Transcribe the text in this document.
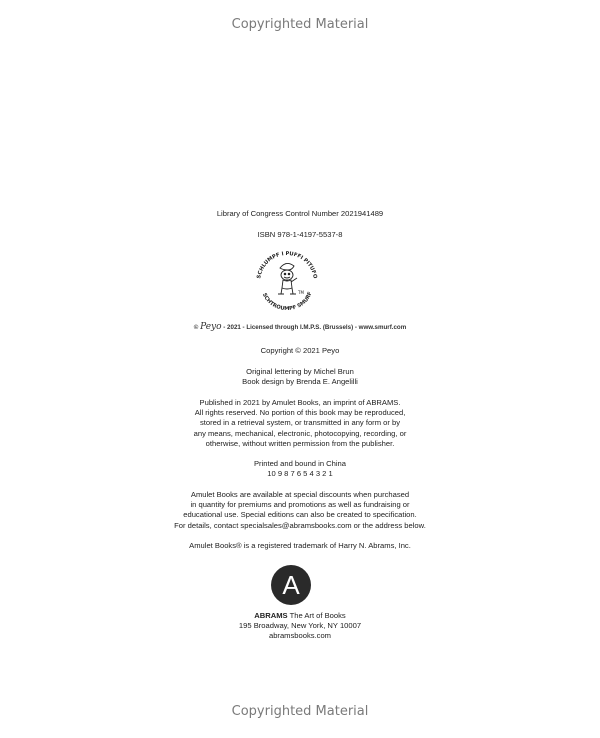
Copyrighted Material
Library of Congress Control Number 2021941489
ISBN 978-1-4197-5537-8
SCHLUMPF I PUFFI PITUFO
SCHTROUMPF SMURF
TM
© Peyo - 2021 - Licensed through I.M.P.S. (Brussels) - www.smurf.com
Copyright © 2021 Peyo
Original lettering by Michel Brun
Book design by Brenda E. Angelilli
Published in 2021 by Amulet Books, an imprint of ABRAMS.
All rights reserved. No portion of this book may be reproduced,
stored in a retrieval system, or transmitted in any form or by
any means, mechanical, electronic, photocopying, recording, or
otherwise, without written permission from the publisher.
Printed and bound in China
10 9 8 7 6 5 4 3 2 1
Amulet Books are available at special discounts when purchased
in quantity for premiums and promotions as well as fundraising or
educational use. Special editions can also be created to specification.
For details, contact specialsales@abramsbooks.com or the address below.
Amulet Books® is a registered trademark of Harry N. Abrams, Inc.
A
ABRAMS The Art of Books
195 Broadway, New York, NY 10007
abramsbooks.com
Copyrighted Material
